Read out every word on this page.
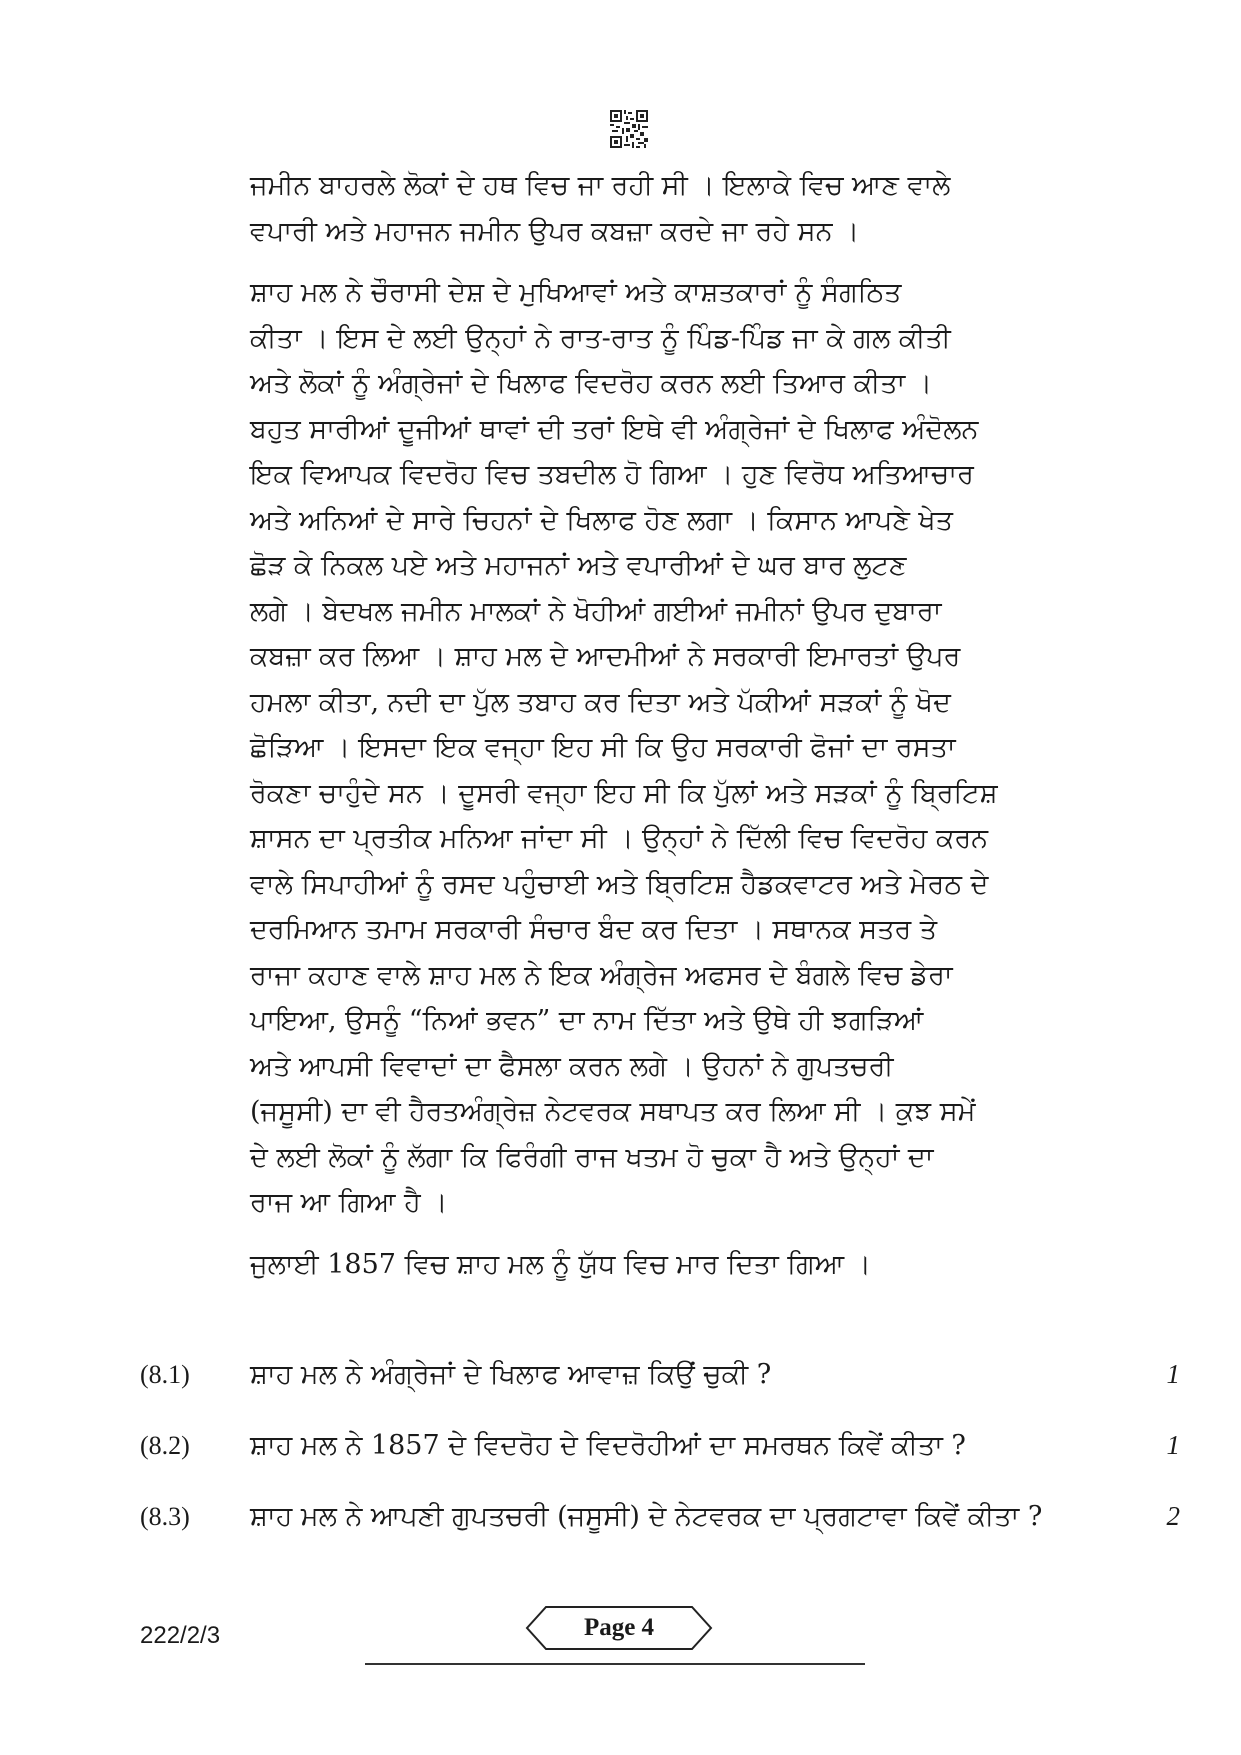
ਜਮੀਨ ਬਾਹਰਲੇ ਲੋਕਾਂ ਦੇ ਹਥ ਵਿਚ ਜਾ ਰਹੀ ਸੀ । ਇਲਾਕੇ ਵਿਚ ਆਣ ਵਾਲੇ

ਵਪਾਰੀ ਅਤੇ ਮਹਾਜਨ ਜਮੀਨ ਉਪਰ ਕਬਜ਼ਾ ਕਰਦੇ ਜਾ ਰਹੇ ਸਨ ।

ਸ਼ਾਹ ਮਲ ਨੇ ਚੌਰਾਸੀ ਦੇਸ਼ ਦੇ ਮੁਖਿਆਵਾਂ ਅਤੇ ਕਾਸ਼ਤਕਾਰਾਂ ਨੂੰ ਸੰਗਠਿਤ

ਕੀਤਾ । ਇਸ ਦੇ ਲਈ ਉਨ੍ਹਾਂ ਨੇ ਰਾਤ-ਰਾਤ ਨੂੰ ਪਿੰਡ-ਪਿੰਡ ਜਾ ਕੇ ਗਲ ਕੀਤੀ

ਅਤੇ ਲੋਕਾਂ ਨੂੰ ਅੰਗ੍ਰੇਜਾਂ ਦੇ ਖਿਲਾਫ ਵਿਦਰੋਹ ਕਰਨ ਲਈ ਤਿਆਰ ਕੀਤਾ ।

ਬਹੁਤ ਸਾਰੀਆਂ ਦੂਜੀਆਂ ਥਾਵਾਂ ਦੀ ਤਰਾਂ ਇਥੇ ਵੀ ਅੰਗ੍ਰੇਜਾਂ ਦੇ ਖਿਲਾਫ ਅੰਦੋਲਨ

ਇਕ ਵਿਆਪਕ ਵਿਦਰੋਹ ਵਿਚ ਤਬਦੀਲ ਹੋ ਗਿਆ । ਹੁਣ ਵਿਰੋਧ ਅਤਿਆਚਾਰ

ਅਤੇ ਅਨਿਆਂ ਦੇ ਸਾਰੇ ਚਿਹਨਾਂ ਦੇ ਖਿਲਾਫ ਹੋਣ ਲਗਾ । ਕਿਸਾਨ ਆਪਣੇ ਖੇਤ

ਛੋੜ ਕੇ ਨਿਕਲ ਪਏ ਅਤੇ ਮਹਾਜਨਾਂ ਅਤੇ ਵਪਾਰੀਆਂ ਦੇ ਘਰ ਬਾਰ ਲੁਟਣ

ਲਗੇ । ਬੇਦਖਲ ਜਮੀਨ ਮਾਲਕਾਂ ਨੇ ਖੋਹੀਆਂ ਗਈਆਂ ਜਮੀਨਾਂ ਉਪਰ ਦੁਬਾਰਾ

ਕਬਜ਼ਾ ਕਰ ਲਿਆ । ਸ਼ਾਹ ਮਲ ਦੇ ਆਦਮੀਆਂ ਨੇ ਸਰਕਾਰੀ ਇਮਾਰਤਾਂ ਉਪਰ

ਹਮਲਾ ਕੀਤਾ, ਨਦੀ ਦਾ ਪੁੱਲ ਤਬਾਹ ਕਰ ਦਿਤਾ ਅਤੇ ਪੱਕੀਆਂ ਸੜਕਾਂ ਨੂੰ ਖੋਦ

ਛੋੜਿਆ । ਇਸਦਾ ਇਕ ਵਜ੍ਹਾ ਇਹ ਸੀ ਕਿ ਉਹ ਸਰਕਾਰੀ ਫੋਜਾਂ ਦਾ ਰਸਤਾ

ਰੋਕਣਾ ਚਾਹੁੰਦੇ ਸਨ । ਦੂਸਰੀ ਵਜ੍ਹਾ ਇਹ ਸੀ ਕਿ ਪੁੱਲਾਂ ਅਤੇ ਸੜਕਾਂ ਨੂੰ ਬ੍ਰਿਟਿਸ਼

ਸ਼ਾਸਨ ਦਾ ਪ੍ਰਤੀਕ ਮਨਿਆ ਜਾਂਦਾ ਸੀ । ਉਨ੍ਹਾਂ ਨੇ ਦਿੱਲੀ ਵਿਚ ਵਿਦਰੋਹ ਕਰਨ

ਵਾਲੇ ਸਿਪਾਹੀਆਂ ਨੂੰ ਰਸਦ ਪਹੁੰਚਾਈ ਅਤੇ ਬ੍ਰਿਟਿਸ਼ ਹੈਡਕਵਾਟਰ ਅਤੇ ਮੇਰਠ ਦੇ

ਦਰਮਿਆਨ ਤਮਾਮ ਸਰਕਾਰੀ ਸੰਚਾਰ ਬੰਦ ਕਰ ਦਿਤਾ । ਸਥਾਨਕ ਸਤਰ ਤੇ

ਰਾਜਾ ਕਹਾਣ ਵਾਲੇ ਸ਼ਾਹ ਮਲ ਨੇ ਇਕ ਅੰਗ੍ਰੇਜ ਅਫਸਰ ਦੇ ਬੰਗਲੇ ਵਿਚ ਡੇਰਾ

ਪਾਇਆ, ਉਸਨੂੰ “ਨਿਆਂ ਭਵਨ” ਦਾ ਨਾਮ ਦਿੱਤਾ ਅਤੇ ਉਥੇ ਹੀ ਝਗੜਿਆਂ

ਅਤੇ ਆਪਸੀ ਵਿਵਾਦਾਂ ਦਾ ਫੈਸਲਾ ਕਰਨ ਲਗੇ । ਉਹਨਾਂ ਨੇ ਗੁਪਤਚਰੀ

(ਜਸੂਸੀ) ਦਾ ਵੀ ਹੈਰਤਅੰਗ੍ਰੇਜ਼ ਨੇਟਵਰਕ ਸਥਾਪਤ ਕਰ ਲਿਆ ਸੀ । ਕੁਝ ਸਮੇਂ

ਦੇ ਲਈ ਲੋਕਾਂ ਨੂੰ ਲੱਗਾ ਕਿ ਫਿਰੰਗੀ ਰਾਜ ਖਤਮ ਹੋ ਚੁਕਾ ਹੈ ਅਤੇ ਉਨ੍ਹਾਂ ਦਾ

ਰਾਜ ਆ ਗਿਆ ਹੈ ।

ਜੁਲਾਈ 1857 ਵਿਚ ਸ਼ਾਹ ਮਲ ਨੂੰ ਯੁੱਧ ਵਿਚ ਮਾਰ ਦਿਤਾ ਗਿਆ ।

(8.1)	ਸ਼ਾਹ ਮਲ ਨੇ ਅੰਗ੍ਰੇਜਾਂ ਦੇ ਖਿਲਾਫ ਆਵਾਜ਼ ਕਿਉਂ ਚੁਕੀ ?	1
(8.2)	ਸ਼ਾਹ ਮਲ ਨੇ 1857 ਦੇ ਵਿਦਰੋਹ ਦੇ ਵਿਦਰੋਹੀਆਂ ਦਾ ਸਮਰਥਨ ਕਿਵੇਂ ਕੀਤਾ ?	1
(8.3)	ਸ਼ਾਹ ਮਲ ਨੇ ਆਪਣੀ ਗੁਪਤਚਰੀ (ਜਸੂਸੀ) ਦੇ ਨੇਟਵਰਕ ਦਾ ਪ੍ਰਗਟਾਵਾ ਕਿਵੇਂ ਕੀਤਾ ?	2
222/2/3	Page 4
